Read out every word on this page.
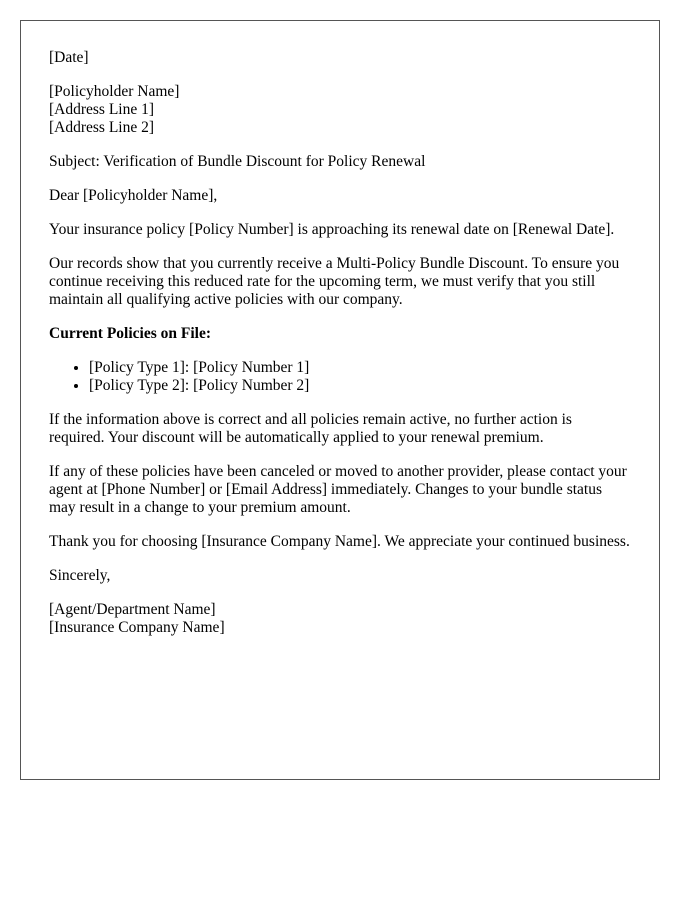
[Date]

[Policyholder Name]
[Address Line 1]
[Address Line 2]

Subject: Verification of Bundle Discount for Policy Renewal

Dear [Policyholder Name],

Your insurance policy [Policy Number] is approaching its renewal date on [Renewal Date].

Our records show that you currently receive a Multi-Policy Bundle Discount. To ensure you continue receiving this reduced rate for the upcoming term, we must verify that you still maintain all qualifying active policies with our company.

Current Policies on File:

• [Policy Type 1]: [Policy Number 1]
• [Policy Type 2]: [Policy Number 2]

If the information above is correct and all policies remain active, no further action is required. Your discount will be automatically applied to your renewal premium.

If any of these policies have been canceled or moved to another provider, please contact your agent at [Phone Number] or [Email Address] immediately. Changes to your bundle status may result in a change to your premium amount.

Thank you for choosing [Insurance Company Name]. We appreciate your continued business.

Sincerely,

[Agent/Department Name]
[Insurance Company Name]
